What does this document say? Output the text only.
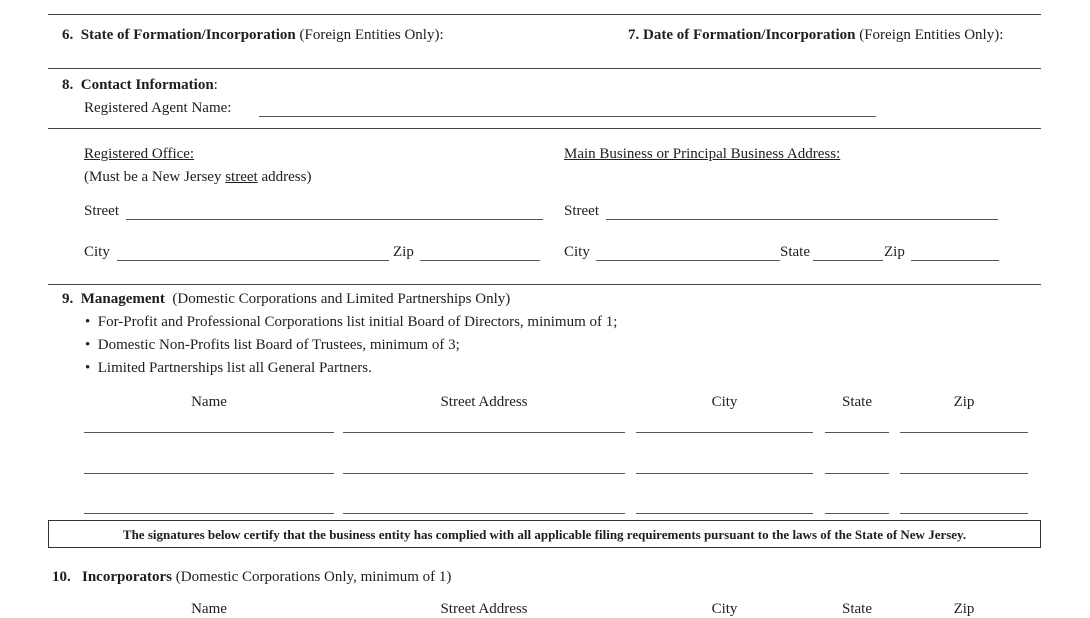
6. State of Formation/Incorporation (Foreign Entities Only):	7. Date of Formation/Incorporation (Foreign Entities Only):
8. Contact Information:
Registered Agent Name:
Registered Office:
(Must be a New Jersey street address)
Street
City	Zip
Main Business or Principal Business Address:
Street
City	State	Zip
9. Management (Domestic Corporations and Limited Partnerships Only)
•  For-Profit and Professional Corporations list initial Board of Directors, minimum of 1;
•  Domestic Non-Profits list Board of Trustees, minimum of 3;
•  Limited Partnerships list all General Partners.
Name	Street Address	City	State	Zip
The signatures below certify that the business entity has complied with all applicable filing requirements pursuant to the laws of the State of New Jersey.
10. Incorporators (Domestic Corporations Only, minimum of 1)
Name	Street Address	City	State	Zip
